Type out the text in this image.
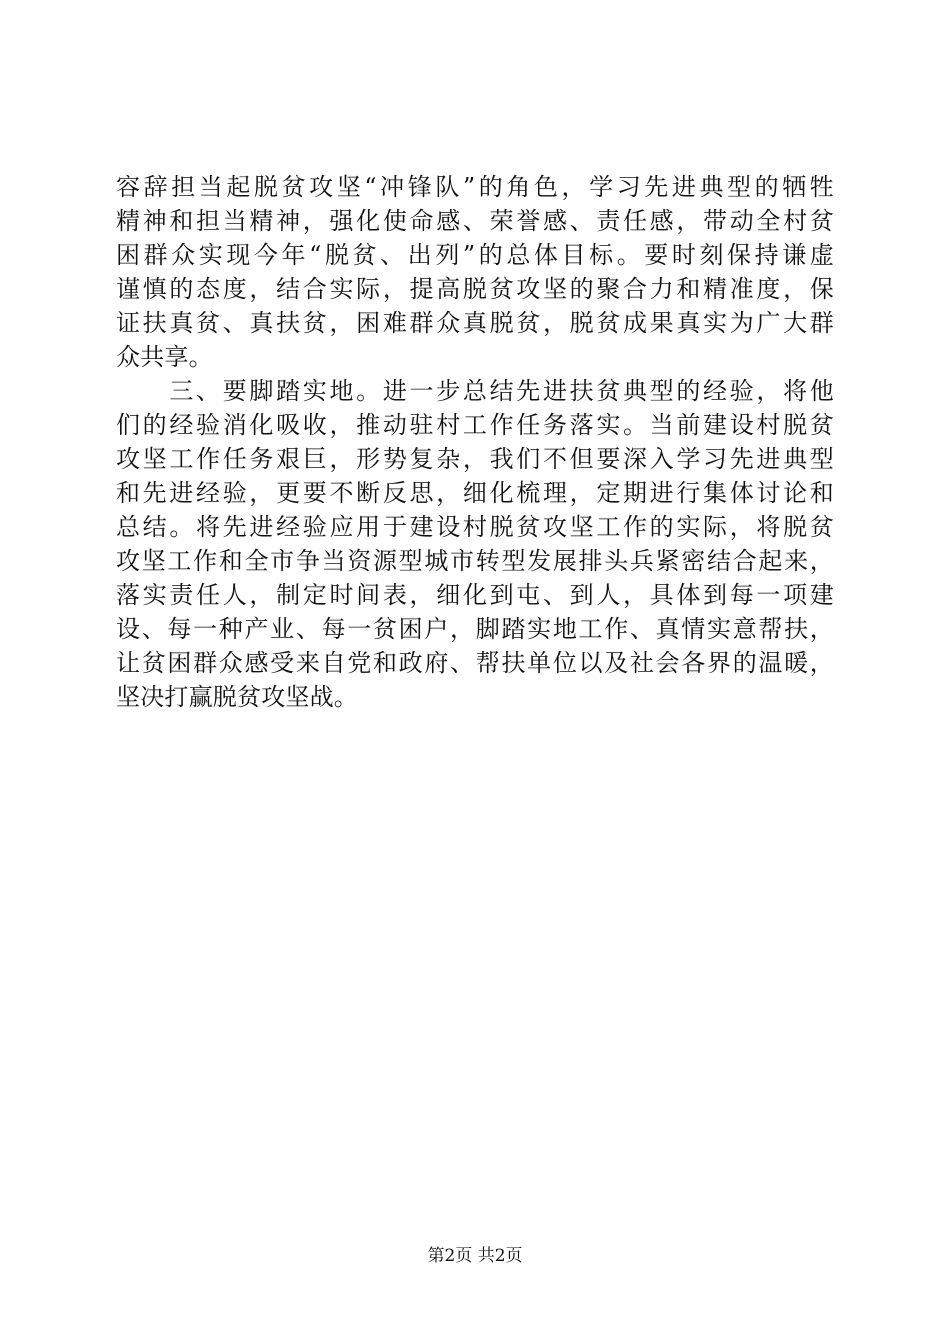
容辞担当起脱贫攻坚“冲锋队”的角色，学习先进典型的牺牲
精神和担当精神，强化使命感、荣誉感、责任感，带动全村贫
困群众实现今年“脱贫、出列”的总体目标。要时刻保持谦虚
谨慎的态度，结合实际，提高脱贫攻坚的聚合力和精准度，保
证扶真贫、真扶贫，困难群众真脱贫，脱贫成果真实为广大群
众共享。
　　三、要脚踏实地。进一步总结先进扶贫典型的经验，将他
们的经验消化吸收，推动驻村工作任务落实。当前建设村脱贫
攻坚工作任务艰巨，形势复杂，我们不但要深入学习先进典型
和先进经验，更要不断反思，细化梳理，定期进行集体讨论和
总结。将先进经验应用于建设村脱贫攻坚工作的实际，将脱贫
攻坚工作和全市争当资源型城市转型发展排头兵紧密结合起来，
落实责任人，制定时间表，细化到屯、到人，具体到每一项建
设、每一种产业、每一贫困户，脚踏实地工作、真情实意帮扶，
让贫困群众感受来自党和政府、帮扶单位以及社会各界的温暖，
坚决打赢脱贫攻坚战。
第2页 共2页
